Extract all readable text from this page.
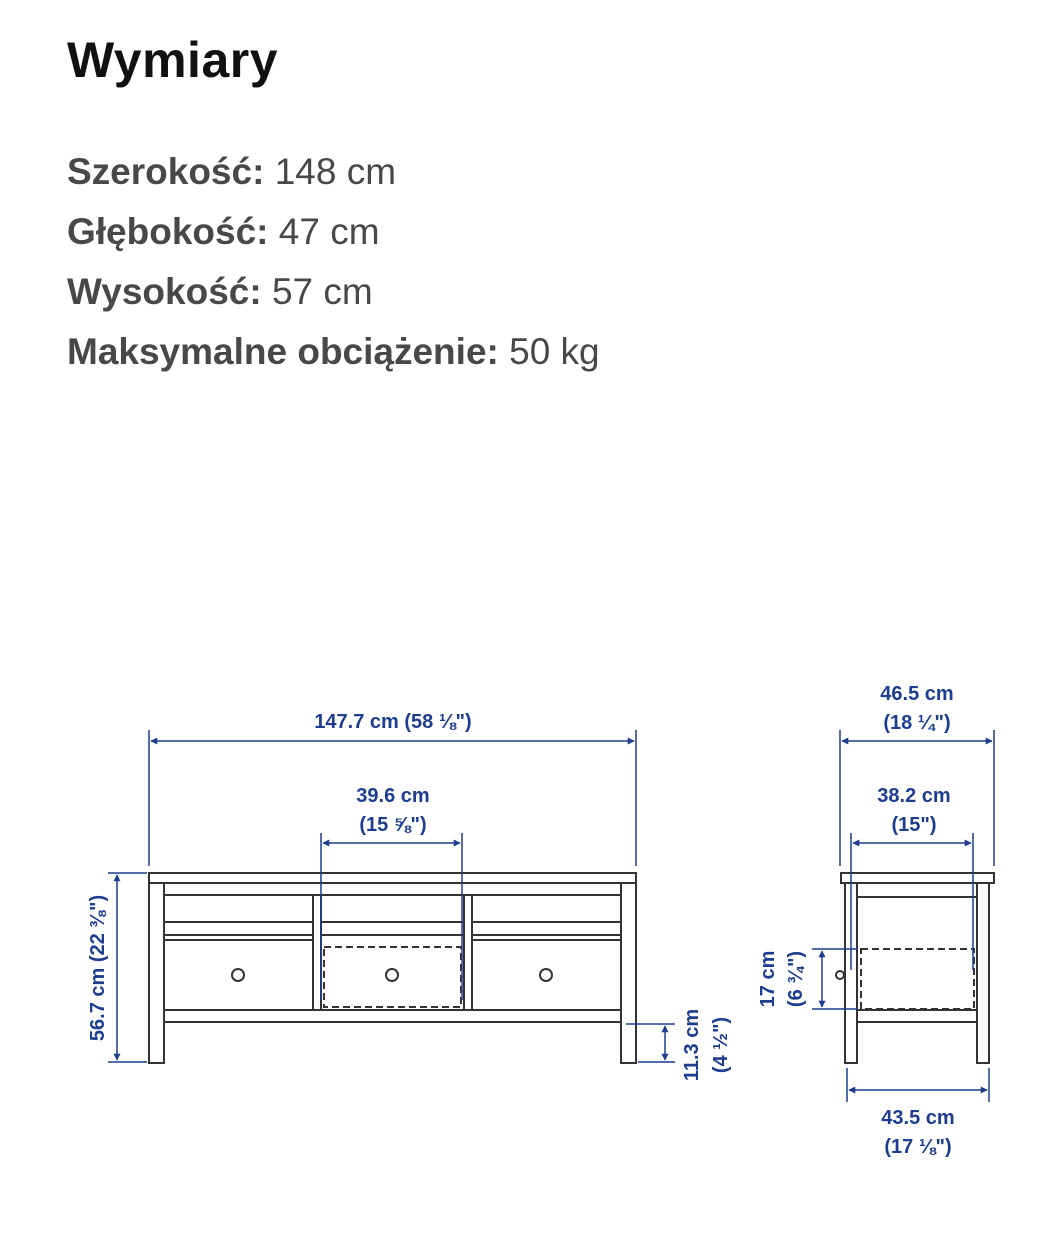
Wymiary
Szerokość: 148 cm
Głębokość: 47 cm
Wysokość: 57 cm
Maksymalne obciążenie: 50 kg
147.7 cm (58 ⅛")
39.6 cm
(15 ⅝")
56.7 cm (22 ⅜")
11.3 cm (4 ½")
46.5 cm
(18 ¼")
38.2 cm
(15")
17 cm (6 ¾")
43.5 cm
(17 ⅛")
